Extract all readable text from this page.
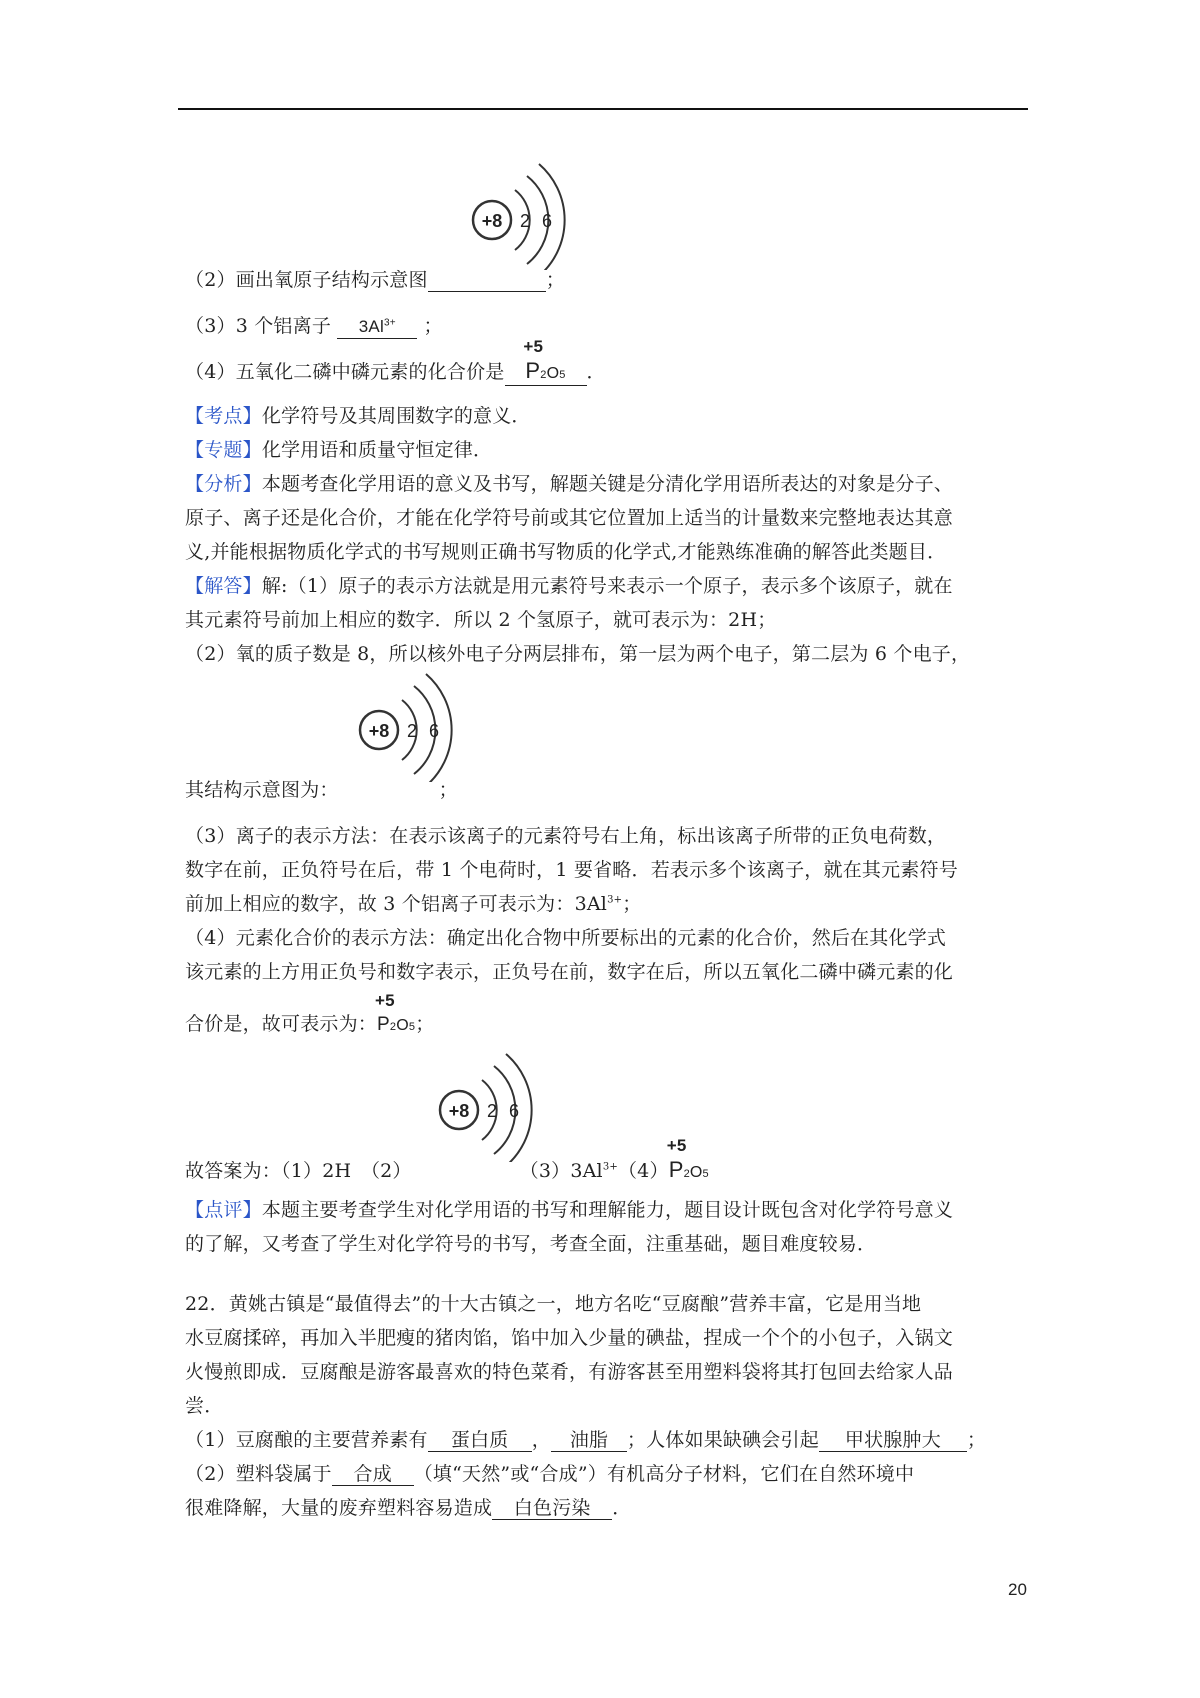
+8 2 6
（2）画出氧原子结构示意图	；
（3）3 个铝离子 $3Al^{3+}$ ；
（4）五氧化二磷中磷元素的化合价是
+5
P2O5 ．
【考点】化学符号及其周围数字的意义．
【专题】化学用语和质量守恒定律．
【分析】本题考查化学用语的意义及书写，解题关键是分清化学用语所表达的对象是分子、
原子、离子还是化合价，才能在化学符号前或其它位置加上适当的计量数来完整地表达其意
义,并能根据物质化学式的书写规则正确书写物质的化学式,才能熟练准确的解答此类题目．
【解答】解:（1）原子的表示方法就是用元素符号来表示一个原子，表示多个该原子，就在
其元素符号前加上相应的数字．所以 2 个氢原子，就可表示为：2H；
（2）氧的质子数是 8，所以核外电子分两层排布，第一层为两个电子，第二层为 6 个电子，
+8 2 6
其结构示意图为：	；
（3）离子的表示方法：在表示该离子的元素符号右上角，标出该离子所带的正负电荷数，
数字在前，正负符号在后，带 1 个电荷时，1 要省略．若表示多个该离子，就在其元素符号
前加上相应的数字，故 3 个铝离子可表示为：$3Al^{3+}$；
（4）元素化合价的表示方法：确定出化合物中所要标出的元素的化合价，然后在其化学式
该元素的上方用正负号和数字表示，正负号在前，数字在后，所以五氧化二磷中磷元素的化
合价是，故可表示为：
+5
P2O5；
+8 2 6
故答案为：（1）2H　（2）	$(3)3Al^{3+}(4)$
+5
P2O5
【点评】本题主要考查学生对化学用语的书写和理解能力，题目设计既包含对化学符号意义
的了解，又考查了学生对化学符号的书写，考查全面，注重基础，题目难度较易．
22．黄姚古镇是“最值得去”的十大古镇之一，地方名吃“豆腐酿”营养丰富，它是用当地
水豆腐揉碎，再加入半肥瘦的猪肉馅，馅中加入少量的碘盐，捏成一个个的小包子，入锅文
火慢煎即成．豆腐酿是游客最喜欢的特色菜肴，有游客甚至用塑料袋将其打包回去给家人品
尝．
（1）豆腐酿的主要营养素有 蛋白质 ， 油脂 ；人体如果缺碘会引起 甲状腺肿大 ；
（2）塑料袋属于 合成 （填“天然”或“合成”）有机高分子材料，它们在自然环境中
很难降解，大量的废弃塑料容易造成 白色污染 ．
20
